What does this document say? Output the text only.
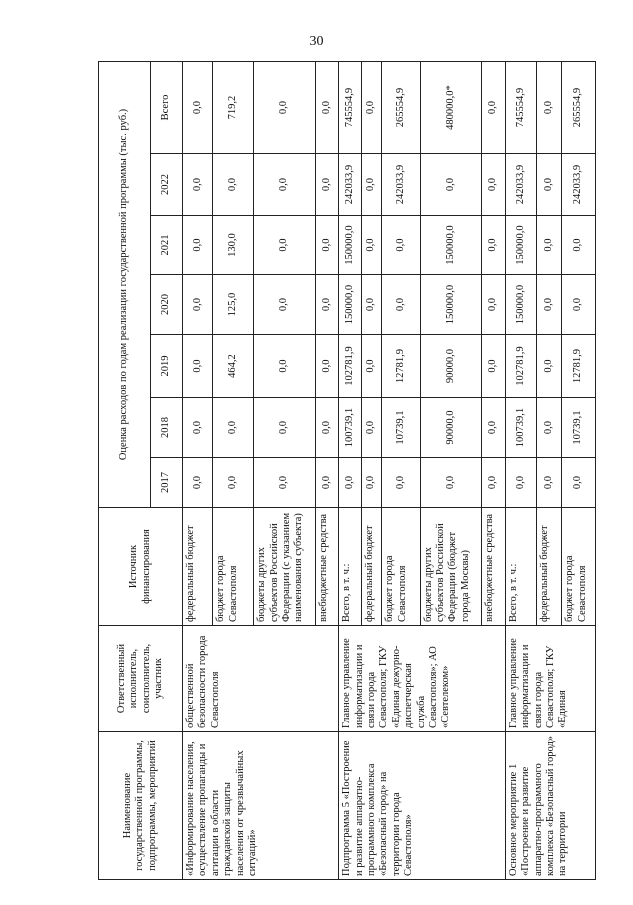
30
Наименование государственной программы, подпрограммы, мероприятий	Ответственный исполнитель, соисполнитель, участник	Источник финансирования	Оценка расходов по годам реализации государственной программы (тыс. руб.)						
			2017	2018	2019	2020	2021	2022	Всего
«Информирование населения, осуществление пропаганды и агитации в области гражданской защиты населения от чрезвычайных ситуаций»	общественной безопасности города Севастополя	федеральный бюджет	0,0	0,0	0,0	0,0	0,0	0,0	0,0
		бюджет города Севастополя	0,0	0,0	464,2	125,0	130,0	0,0	719,2
		бюджеты других субъектов Российской Федерации (с указанием наименования субъекта)	0,0	0,0	0,0	0,0	0,0	0,0	0,0
		внебюджетные средства	0,0	0,0	0,0	0,0	0,0	0,0	0,0
Подпрограмма 5 «Построение и развитие аппаратно-программного комплекса «Безопасный город» на территории города Севастополя»	Главное управление информатизации и связи города Севастополя; ГКУ «Единая дежурно-диспетчерская служба Севастополя»; АО «Севтелеком»	Всего, в т. ч.:	0,0	100739,1	102781,9	150000,0	150000,0	242033,9	745554,9
		федеральный бюджет	0,0	0,0	0,0	0,0	0,0	0,0	0,0
		бюджет города Севастополя	0,0	10739,1	12781,9	0,0	0,0	242033,9	265554,9
		бюджеты других субъектов Российской Федерации (бюджет города Москвы)	0,0	90000,0	90000,0	150000,0	150000,0	0,0	480000,0*
		внебюджетные средства	0,0	0,0	0,0	0,0	0,0	0,0	0,0
Основное мероприятие 1 «Построение и развитие аппаратно-программного комплекса «Безопасный город» на территории	Главное управление информатизации и связи города Севастополя; ГКУ «Единая	Всего, в т. ч.:	0,0	100739,1	102781,9	150000,0	150000,0	242033,9	745554,9
		федеральный бюджет	0,0	0,0	0,0	0,0	0,0	0,0	0,0
		бюджет города Севастополя	0,0	10739,1	12781,9	0,0	0,0	242033,9	265554,9
